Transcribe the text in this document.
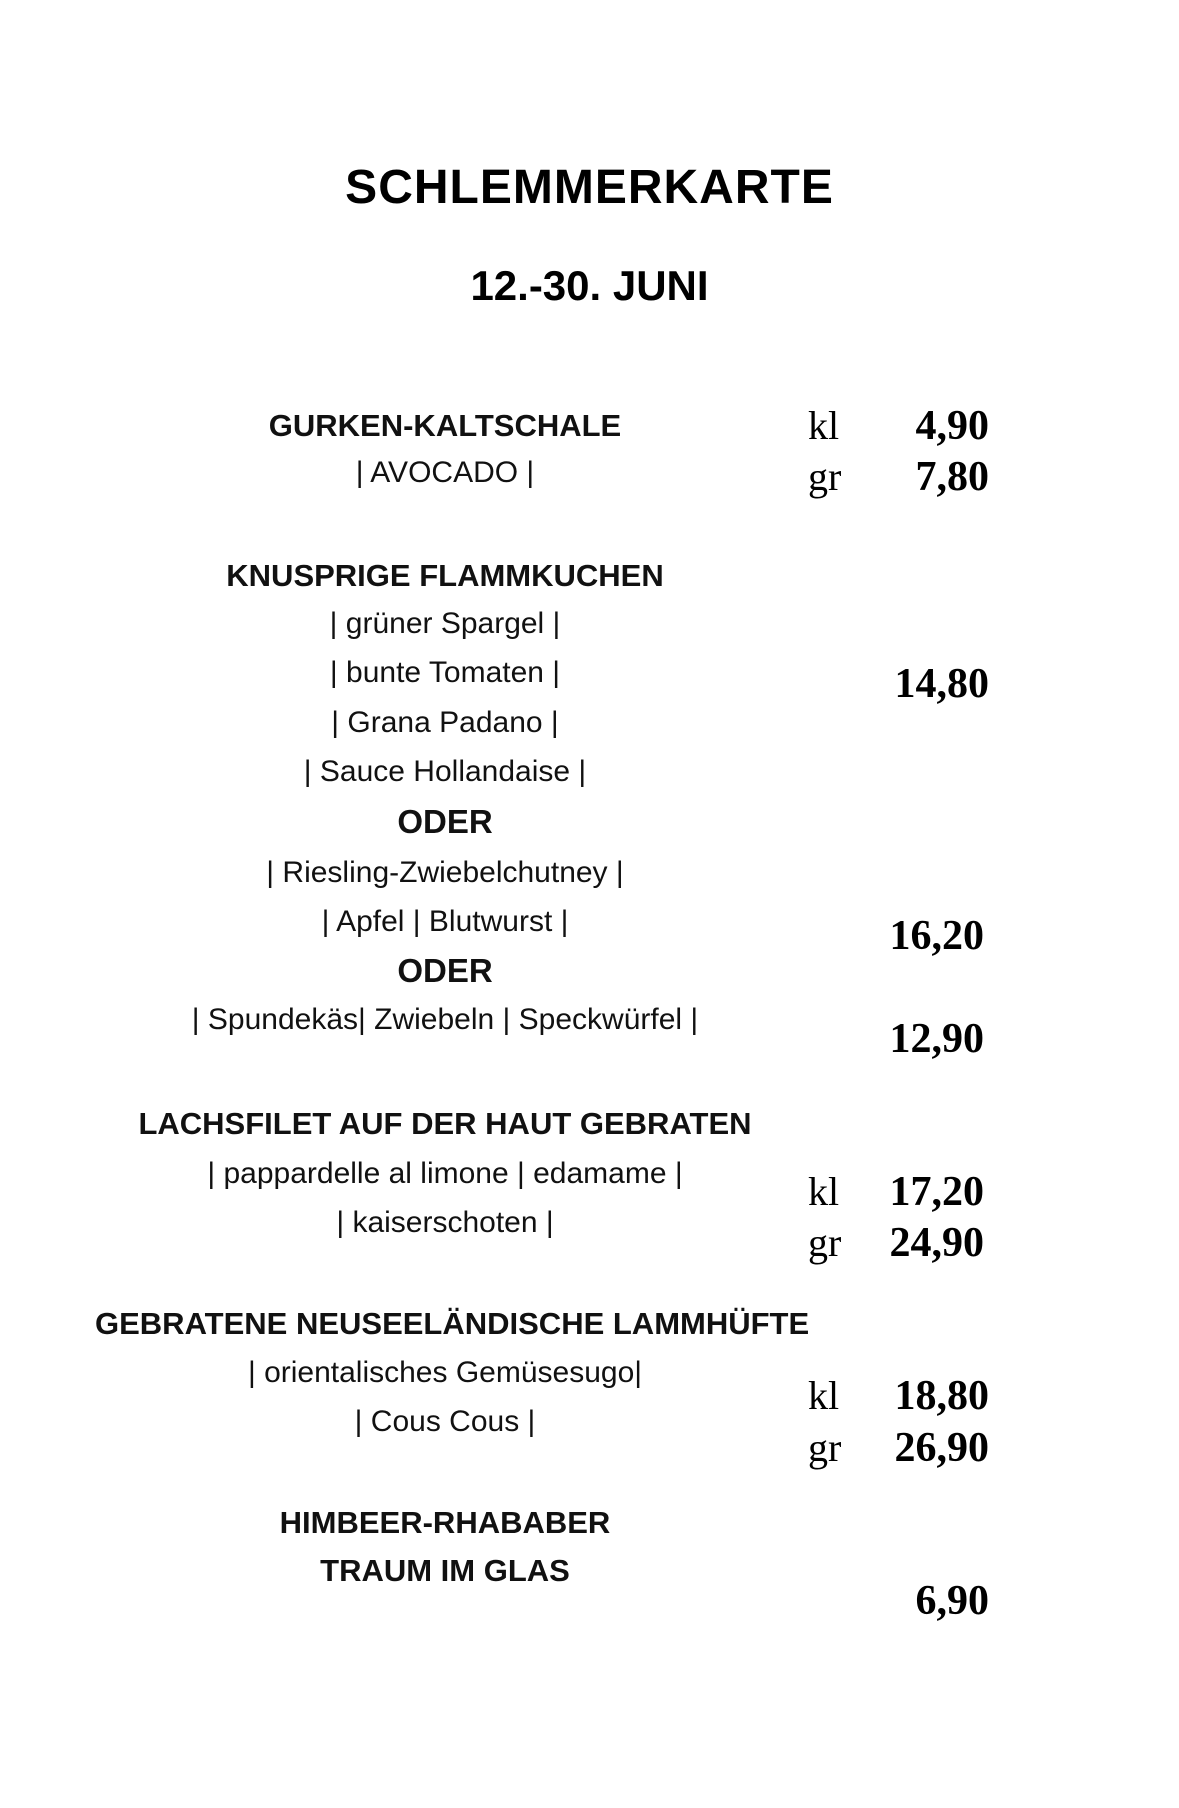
SCHLEMMERKARTE
12.-30. JUNI
GURKEN-KALTSCHALE
| AVOCADO |
kl 4,90
gr 7,80
KNUSPRIGE FLAMMKUCHEN
| grüner Spargel |
| bunte Tomaten |
| Grana Padano |
| Sauce Hollandaise |
14,80
ODER
| Riesling-Zwiebelchutney |
| Apfel | Blutwurst |	16,20
ODER
| Spundekäs| Zwiebeln | Speckwürfel |	12,90
LACHSFILET AUF DER HAUT GEBRATEN
| pappardelle al limone | edamame |
| kaiserschoten |
kl 17,20
gr 24,90
GEBRATENE NEUSEELÄNDISCHE LAMMHÜFTE
| orientalisches Gemüsesugo|
| Cous Cous |
kl 18,80
gr 26,90
HIMBEER-RHABABER
TRAUM IM GLAS
6,90
